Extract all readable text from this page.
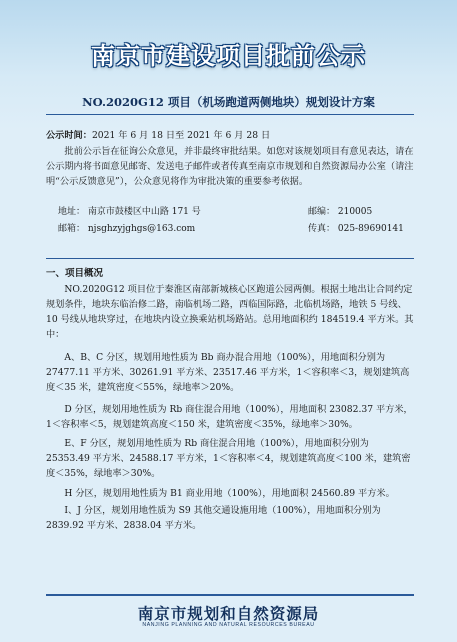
南京市建设项目批前公示
NO.2020G12 项目（机场跑道两侧地块）规划设计方案
公示时间：2021 年 6 月 18 日至 2021 年 6 月 28 日
批前公示旨在征询公众意见，并非最终审批结果。如您对该规划项目有意见表达，请在公示期内将书面意见邮寄、发送电子邮件或者传真至南京市规划和自然资源局办公室（请注明“公示反馈意见”），公众意见将作为审批决策的重要参考依据。
地址： 南京市鼓楼区中山路 171 号	邮编： 210005
邮箱： njsghzyjghgs@163.com	传真： 025-89690141
一、项目概况
NO.2020G12 项目位于秦淮区南部新城核心区跑道公园两侧。根据土地出让合同约定规划条件，地块东临治修二路，南临机场二路，西临国际路，北临机场路，地铁 5 号线、10 号线从地块穿过，在地块内设立换乘站机场路站。总用地面积约 184519.4 平方米。其中：
A、B、C 分区，规划用地性质为 Bb 商办混合用地（100%），用地面积分别为 27477.11 平方米、30261.91 平方米、23517.46 平方米，1＜容积率＜3，规划建筑高度＜35 米，建筑密度＜55%，绿地率＞20%。
D 分区，规划用地性质为 Rb 商住混合用地（100%），用地面积 23082.37 平方米，1＜容积率＜5，规划建筑高度＜150 米，建筑密度＜35%，绿地率＞30%。
E、F 分区，规划用地性质为 Rb 商住混合用地（100%），用地面积分别为 25353.49 平方米、24588.17 平方米，1＜容积率＜4，规划建筑高度＜100 米，建筑密度＜35%，绿地率＞30%。
H 分区，规划用地性质为 B1 商业用地（100%），用地面积 24560.89 平方米。
I、J 分区，规划用地性质为 S9 其他交通设施用地（100%），用地面积分别为 2839.92 平方米、2838.04 平方米。
南京市规划和自然资源局
NANJING PLANNING AND NATURAL RESOURCES BUREAU
